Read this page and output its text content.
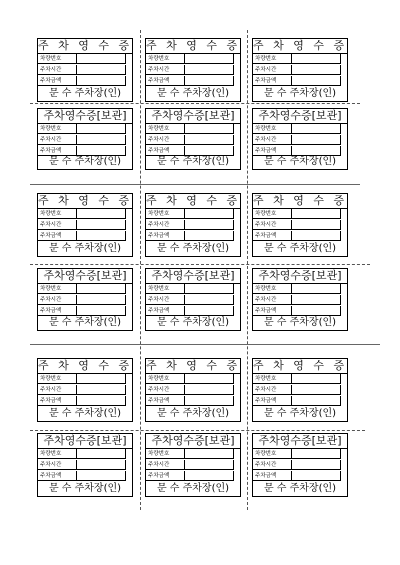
주 차 영 수 증
차량번호
주차시간
주차금액
문 수 주차장(인)
주 차 영 수 증
차량번호
주차시간
주차금액
문 수 주차장(인)
주 차 영 수 증
차량번호
주차시간
주차금액
문 수 주차장(인)
주차영수증[보관]
차량번호
주차시간
주차금액
문 수 주차장(인)
주차영수증[보관]
차량번호
주차시간
주차금액
문 수 주차장(인)
주차영수증[보관]
차량번호
주차시간
주차금액
문 수 주차장(인)
주 차 영 수 증
차량번호
주차시간
주차금액
문 수 주차장(인)
주 차 영 수 증
차량번호
주차시간
주차금액
문 수 주차장(인)
주 차 영 수 증
차량번호
주차시간
주차금액
문 수 주차장(인)
주차영수증[보관]
차량번호
주차시간
주차금액
문 수 주차장(인)
주차영수증[보관]
차량번호
주차시간
주차금액
문 수 주차장(인)
주차영수증[보관]
차량번호
주차시간
주차금액
문 수 주차장(인)
주 차 영 수 증
차량번호
주차시간
주차금액
문 수 주차장(인)
주 차 영 수 증
차량번호
주차시간
주차금액
문 수 주차장(인)
주 차 영 수 증
차량번호
주차시간
주차금액
문 수 주차장(인)
주차영수증[보관]
차량번호
주차시간
주차금액
문 수 주차장(인)
주차영수증[보관]
차량번호
주차시간
주차금액
문 수 주차장(인)
주차영수증[보관]
차량번호
주차시간
주차금액
문 수 주차장(인)
